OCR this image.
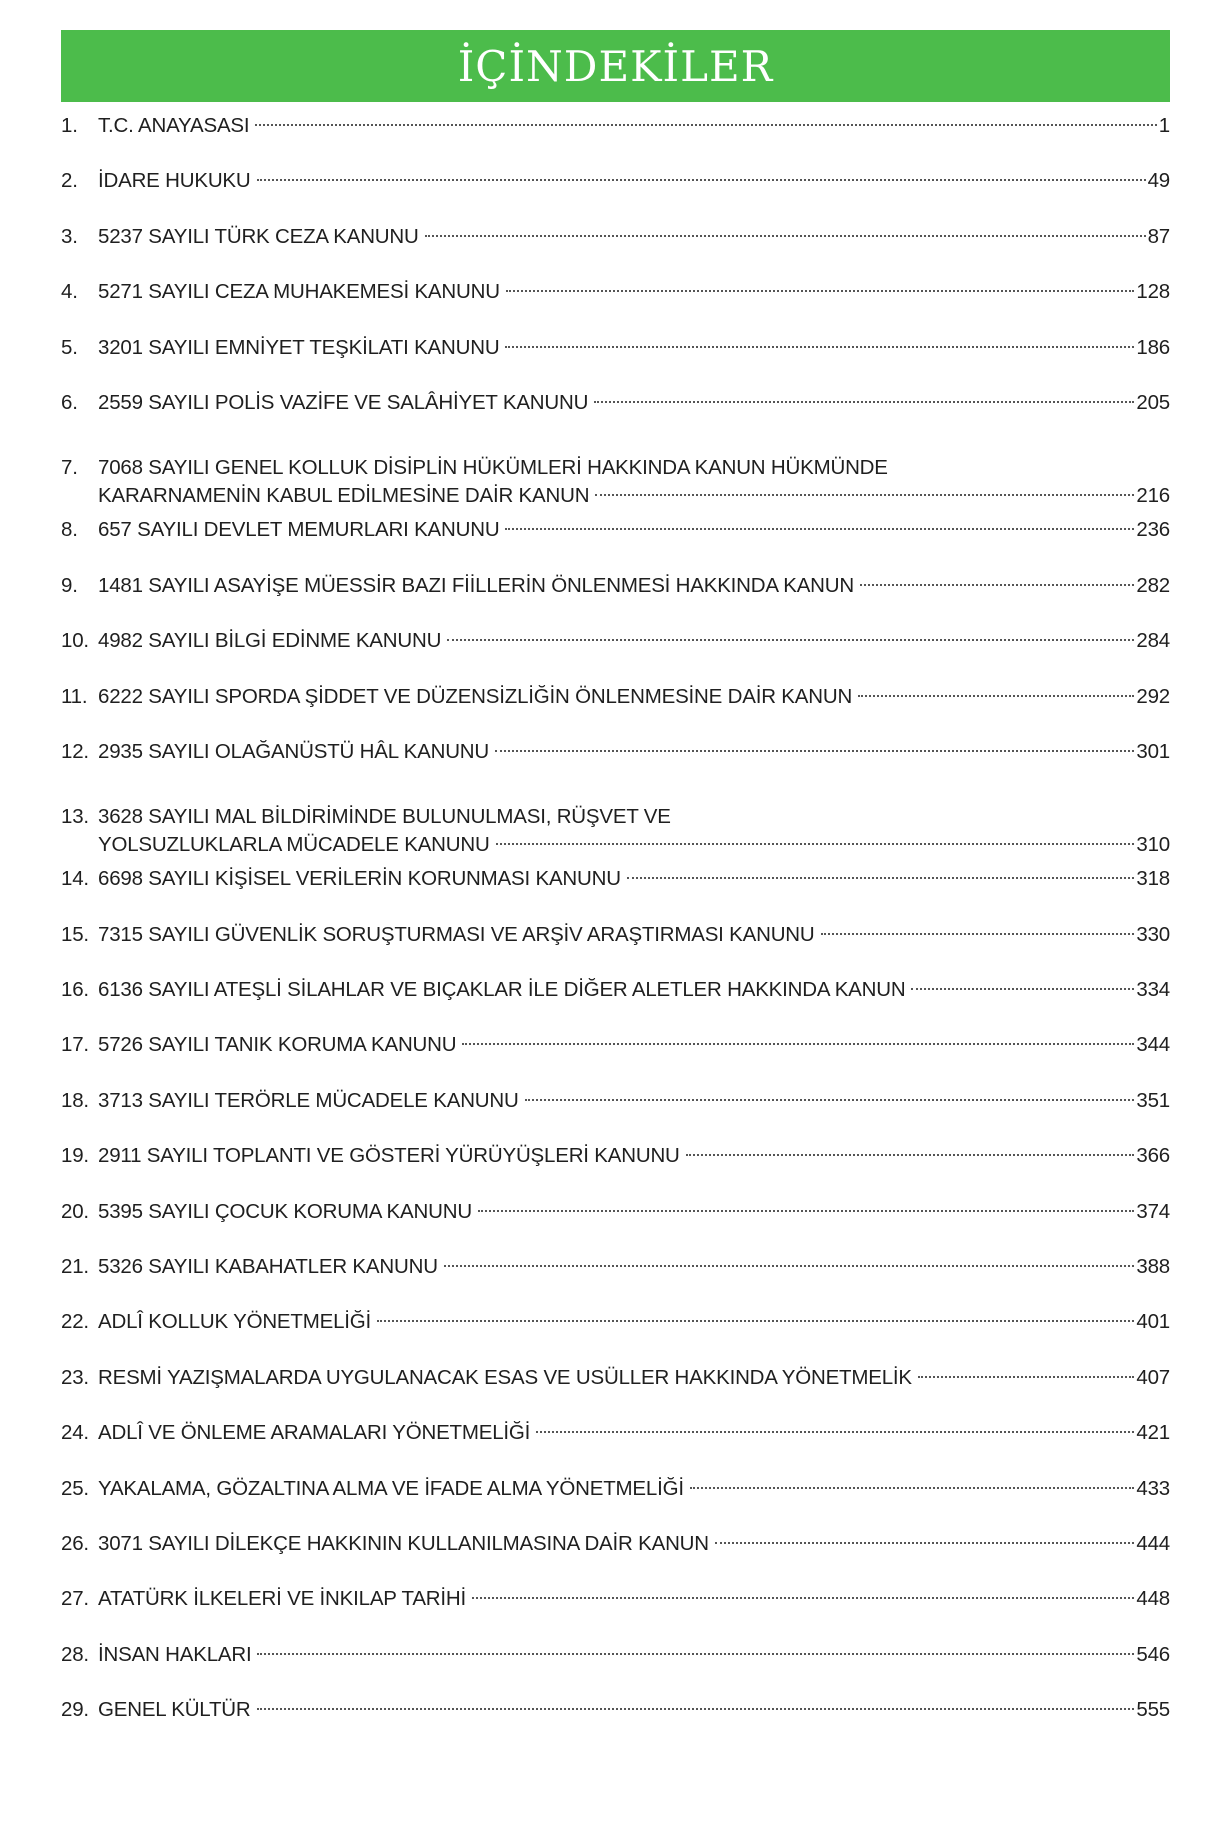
İÇİNDEKİLER
1. T.C. ANAYASASI	1
2. İDARE HUKUKU	49
3. 5237 SAYILI TÜRK CEZA KANUNU	87
4. 5271 SAYILI CEZA MUHAKEMESİ KANUNU	128
5. 3201 SAYILI EMNİYET TEŞKİLATI KANUNU	186
6. 2559 SAYILI POLİS VAZİFE VE SALÂHİYET KANUNU	205
7. 7068 SAYILI GENEL KOLLUK DİSİPLİN HÜKÜMLERİ HAKKINDA KANUN HÜKMÜNDE
KARARNAMENİN KABUL EDİLMESİNE DAİR KANUN	216
8. 657 SAYILI DEVLET MEMURLARI KANUNU	236
9. 1481 SAYILI ASAYİŞE MÜESSİR BAZI FİİLLERİN ÖNLENMESİ HAKKINDA KANUN	282
10. 4982 SAYILI BİLGİ EDİNME KANUNU	284
11. 6222 SAYILI SPORDA ŞİDDET VE DÜZENSİZLİĞİN ÖNLENMESİNE DAİR KANUN	292
12. 2935 SAYILI OLAĞANÜSTÜ HÂL KANUNU	301
13. 3628 SAYILI MAL BİLDİRİMİNDE BULUNULMASI, RÜŞVET VE
YOLSUZLUKLARLA MÜCADELE KANUNU	310
14. 6698 SAYILI KİŞİSEL VERİLERİN KORUNMASI KANUNU	318
15. 7315 SAYILI GÜVENLİK SORUŞTURMASI VE ARŞİV ARAŞTIRMASI KANUNU	330
16. 6136 SAYILI ATEŞLİ SİLAHLAR VE BIÇAKLAR İLE DİĞER ALETLER HAKKINDA KANUN	334
17. 5726 SAYILI TANIK KORUMA KANUNU	344
18. 3713 SAYILI TERÖRLE MÜCADELE KANUNU	351
19. 2911 SAYILI TOPLANTI VE GÖSTERİ YÜRÜYÜŞLERİ KANUNU	366
20. 5395 SAYILI ÇOCUK KORUMA KANUNU	374
21. 5326 SAYILI KABAHATLER KANUNU	388
22. ADLÎ KOLLUK YÖNETMELİĞİ	401
23. RESMİ YAZIŞMALARDA UYGULANACAK ESAS VE USÜLLER HAKKINDA YÖNETMELİK	407
24. ADLÎ VE ÖNLEME ARAMALARI YÖNETMELİĞİ	421
25. YAKALAMA, GÖZALTINA ALMA VE İFADE ALMA YÖNETMELİĞİ	433
26. 3071 SAYILI DİLEKÇE HAKKININ KULLANILMASINA DAİR KANUN	444
27. ATATÜRK İLKELERİ VE İNKILAP TARİHİ	448
28. İNSAN HAKLARI	546
29. GENEL KÜLTÜR	555
